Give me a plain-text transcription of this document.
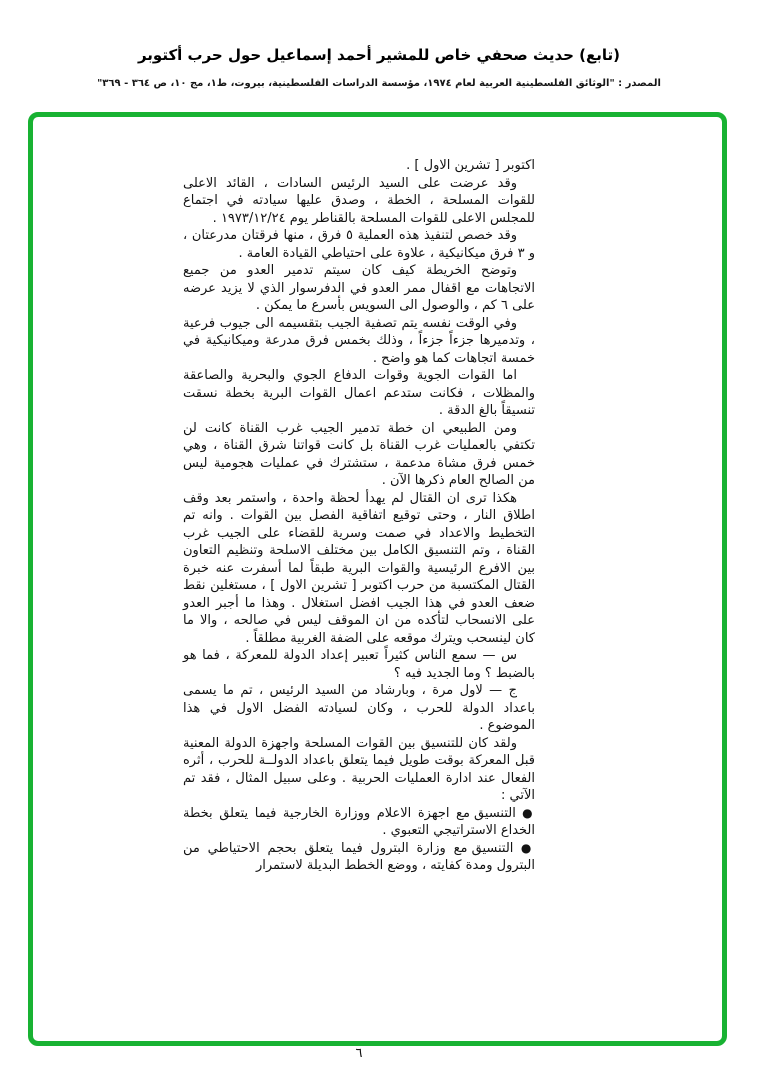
(تابع) حديث صحفي خاص للمشير أحمد إسماعيل حول حرب أكتوبر
المصدر : "الوثائق الفلسطينية العربية لعام ١٩٧٤، مؤسسة الدراسات الفلسطينية، بيروت، ط١، مج ١٠، ص ٣٦٤ - ٣٦٩"

اكتوبر [ تشرين الاول ] .

وقد عرضت على السيد الرئيس السادات ، القائد الاعلى للقوات المسلحة ، الخطة ، وصدق عليها سيادته في اجتماع للمجلس الاعلى للقوات المسلحة بالقناطر يوم ١٩٧٣/١٢/٢٤ .

وقد خصص لتنفيذ هذه العملية ٥ فرق ، منها فرقتان مدرعتان ، و ٣ فرق ميكانيكية ، علاوة على احتياطي القيادة العامة .

وتوضح الخريطة كيف كان سيتم تدمير العدو من جميع الاتجاهات مع اقفال ممر العدو في الدفرسوار الذي لا يزيد عرضه على ٦ كم ، والوصول الى السويس بأسرع ما يمكن .

وفي الوقت نفسه يتم تصفية الجيب بتقسيمه الى جيوب فرعية ، وتدميرها جزءاً جزءاً ، وذلك بخمس فرق مدرعة وميكانيكية في خمسة اتجاهات كما هو واضح .

اما القوات الجوية وقوات الدفاع الجوي والبحرية والصاعقة والمظلات ، فكانت ستدعم اعمال القوات البرية بخطة نسقت تنسيقاً بالغ الدقة .

ومن الطبيعي ان خطة تدمير الجيب غرب القناة كانت لن تكتفي بالعمليات غرب القناة بل كانت قواتنا شرق القناة ، وهي خمس فرق مشاة مدعمة ، ستشترك في عمليات هجومية ليس من الصالح العام ذكرها الآن .

هكذا ترى ان القتال لم يهدأ لحظة واحدة ، واستمر بعد وقف اطلاق النار ، وحتى توقيع اتفاقية الفصل بين القوات . وانه تم التخطيط والاعداد في صمت وسرية للقضاء على الجيب غرب القناة ، وتم التنسيق الكامل بين مختلف الاسلحة وتنظيم التعاون بين الافرع الرئيسية والقوات البرية طبقاً لما أسفرت عنه خبرة القتال المكتسبة من حرب اكتوبر [ تشرين الاول ] ، مستغلين نقط ضعف العدو في هذا الجيب افضل استغلال . وهذا ما أجبر العدو على الانسحاب لتأكده من ان الموقف ليس في صالحه ، والا ما كان لينسحب ويترك موقعه على الضفة الغربية مطلقاً .

س — سمع الناس كثيراً تعبير إعداد الدولة للمعركة ، فما هو بالضبط ؟ وما الجديد فيه ؟

ج — لاول مرة ، وبارشاد من السيد الرئيس ، تم ما يسمى باعداد الدولة للحرب ، وكان لسيادته الفضل الاول في هذا الموضوع .

ولقد كان للتنسيق بين القوات المسلحة واجهزة الدولة المعنية قبل المعركة بوقت طويل فيما يتعلق باعداد الدولــة للحرب ، أثره الفعال عند ادارة العمليات الحربية . وعلى سبيل المثال ، فقد تم الآتي :

● التنسيق مع اجهزة الاعلام ووزارة الخارجية فيما يتعلق بخطة الخداع الاستراتيجي التعبوي .

● التنسيق مع وزارة البترول فيما يتعلق بحجم الاحتياطي من البترول ومدة كفايته ، ووضع الخطط البديلة لاستمرار

٦
